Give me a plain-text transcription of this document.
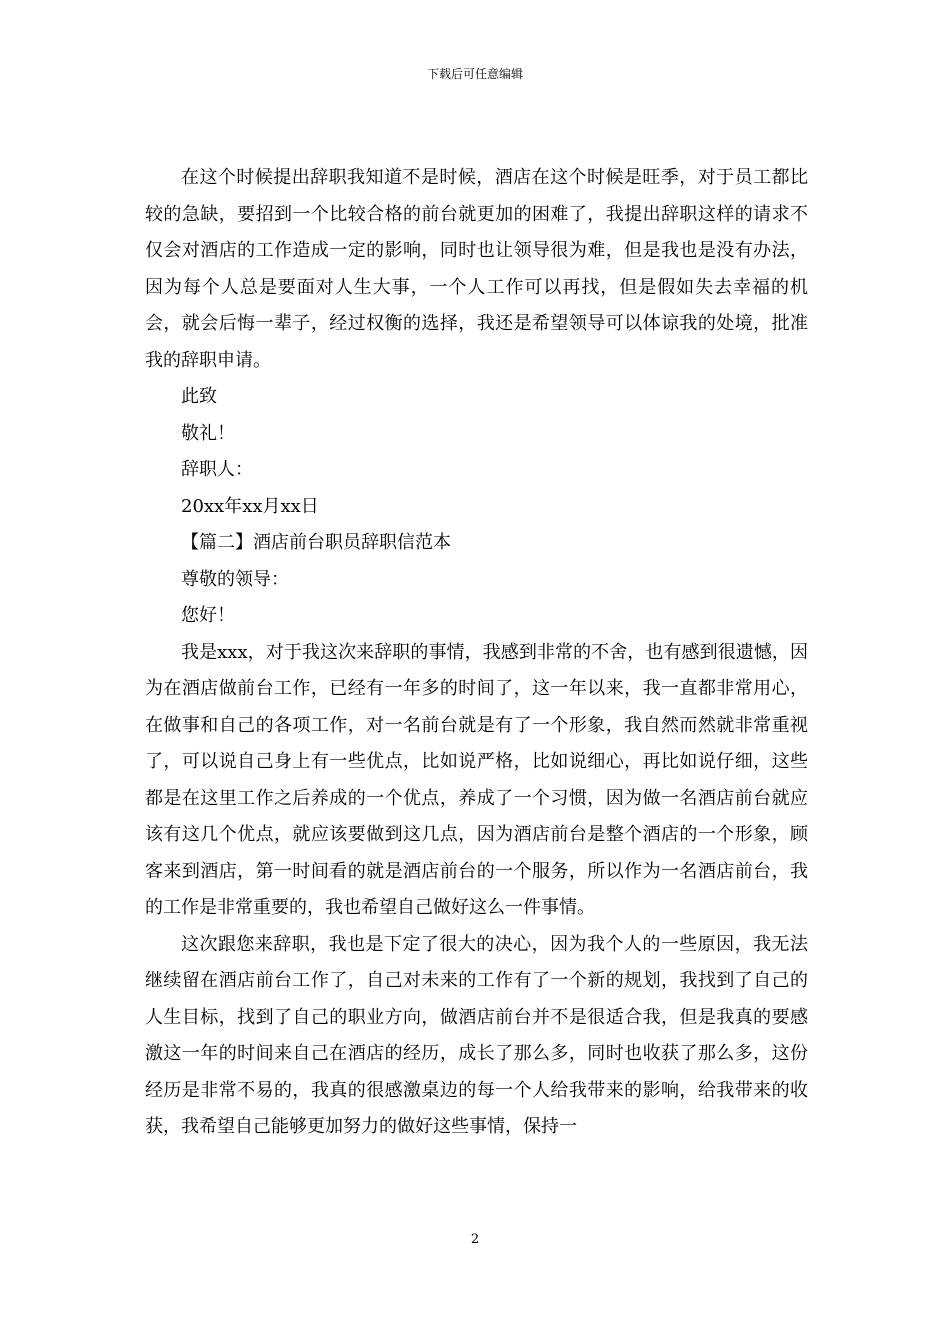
下载后可任意编辑

在这个时候提出辞职我知道不是时候，酒店在这个时候是旺季，对于员工都比较的急缺，要招到一个比较合格的前台就更加的困难了，我提出辞职这样的请求不仅会对酒店的工作造成一定的影响，同时也让领导很为难，但是我也是没有办法，因为每个人总是要面对人生大事，一个人工作可以再找，但是假如失去幸福的机会，就会后悔一辈子，经过权衡的选择，我还是希望领导可以体谅我的处境，批准我的辞职申请。

此致

敬礼！

辞职人：

20xx年xx月xx日

【篇二】酒店前台职员辞职信范本

尊敬的领导：

您好！

我是xxx，对于我这次来辞职的事情，我感到非常的不舍，也有感到很遗憾，因为在酒店做前台工作，已经有一年多的时间了，这一年以来，我一直都非常用心，在做事和自己的各项工作，对一名前台就是有了一个形象，我自然而然就非常重视了，可以说自己身上有一些优点，比如说严格，比如说细心，再比如说仔细，这些都是在这里工作之后养成的一个优点，养成了一个习惯，因为做一名酒店前台就应该有这几个优点，就应该要做到这几点，因为酒店前台是整个酒店的一个形象，顾客来到酒店，第一时间看的就是酒店前台的一个服务，所以作为一名酒店前台，我的工作是非常重要的，我也希望自己做好这么一件事情。

这次跟您来辞职，我也是下定了很大的决心，因为我个人的一些原因，我无法继续留在酒店前台工作了，自己对未来的工作有了一个新的规划，我找到了自己的人生目标，找到了自己的职业方向，做酒店前台并不是很适合我，但是我真的要感激这一年的时间来自己在酒店的经历，成长了那么多，同时也收获了那么多，这份经历是非常不易的，我真的很感激桌边的每一个人给我带来的影响，给我带来的收获，我希望自己能够更加努力的做好这些事情，保持一

2
